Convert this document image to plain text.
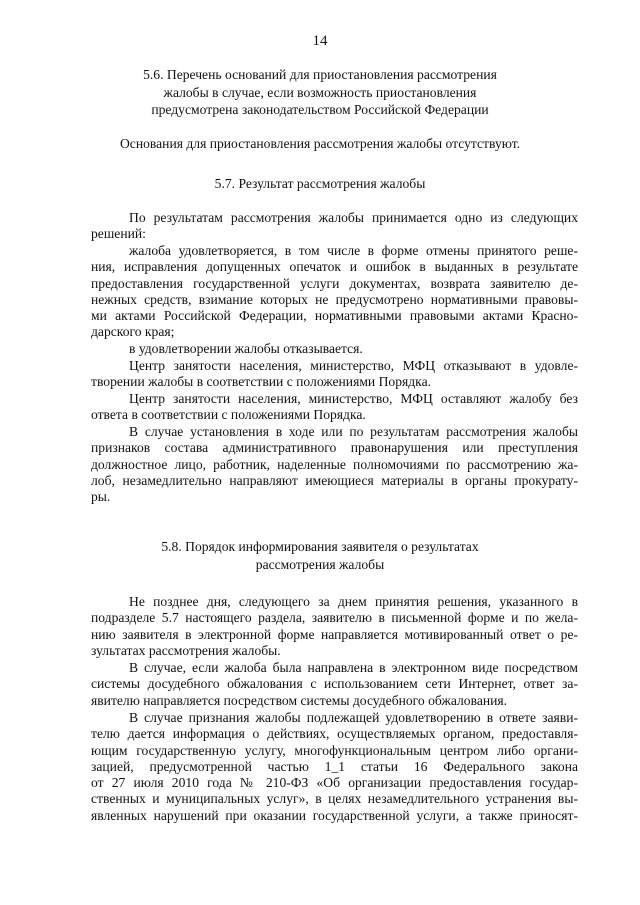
14
5.6. Перечень оснований для приостановления рассмотрения
жалобы в случае, если возможность приостановления
предусмотрена законодательством Российской Федерации
Основания для приостановления рассмотрения жалобы отсутствуют.
5.7. Результат рассмотрения жалобы
По результатам рассмотрения жалобы принимается одно из следующих
решений:
жалоба удовлетворяется, в том числе в форме отмены принятого реше-
ния, исправления допущенных опечаток и ошибок в выданных в результате
предоставления государственной услуги документах, возврата заявителю де-
нежных средств, взимание которых не предусмотрено нормативными правовы-
ми актами Российской Федерации, нормативными правовыми актами Красно-
дарского края;
в удовлетворении жалобы отказывается.
Центр занятости населения, министерство, МФЦ отказывают в удовле-
творении жалобы в соответствии с положениями Порядка.
Центр занятости населения, министерство, МФЦ оставляют жалобу без
ответа в соответствии с положениями Порядка.
В случае установления в ходе или по результатам рассмотрения жалобы
признаков состава административного правонарушения или преступления
должностное лицо, работник, наделенные полномочиями по рассмотрению жа-
лоб, незамедлительно направляют имеющиеся материалы в органы прокурату-
ры.
5.8. Порядок информирования заявителя о результатах
рассмотрения жалобы
Не позднее дня, следующего за днем принятия решения, указанного в
подразделе 5.7 настоящего раздела, заявителю в письменной форме и по жела-
нию заявителя в электронной форме направляется мотивированный ответ о ре-
зультатах рассмотрения жалобы.
В случае, если жалоба была направлена в электронном виде посредством
системы досудебного обжалования с использованием сети Интернет, ответ за-
явителю направляется посредством системы досудебного обжалования.
В случае признания жалобы подлежащей удовлетворению в ответе заяви-
телю дается информация о действиях, осуществляемых органом, предоставля-
ющим государственную услугу, многофункциональным центром либо органи-
зацией, предусмотренной частью 1_1 статьи 16 Федерального закона
от 27 июля 2010 года № 210-ФЗ «Об организации предоставления государ-
ственных и муниципальных услуг», в целях незамедлительного устранения вы-
явленных нарушений при оказании государственной услуги, а также приносят-
